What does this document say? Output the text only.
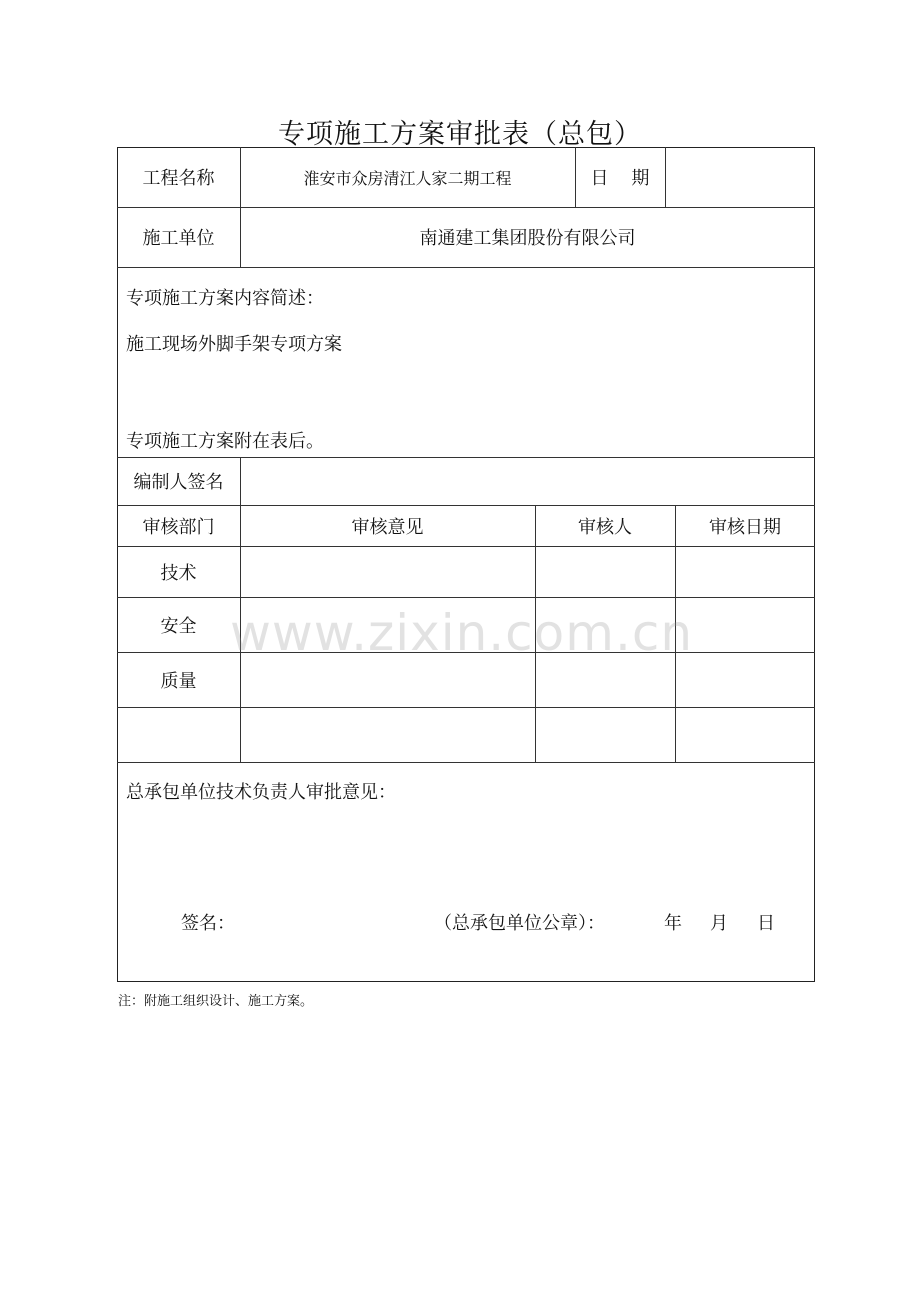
专项施工方案审批表（总包）
工程名称	淮安市众房清江人家二期工程	日    期
施工单位	南通建工集团股份有限公司
专项施工方案内容简述：
施工现场外脚手架专项方案
专项施工方案附在表后。
编制人签名
审核部门	审核意见	审核人	审核日期
技术
安全
质量
总承包单位技术负责人审批意见：
签名：	（总承包单位公章）：	年 月 日
www.zixin.com.cn
注：附施工组织设计、施工方案。
